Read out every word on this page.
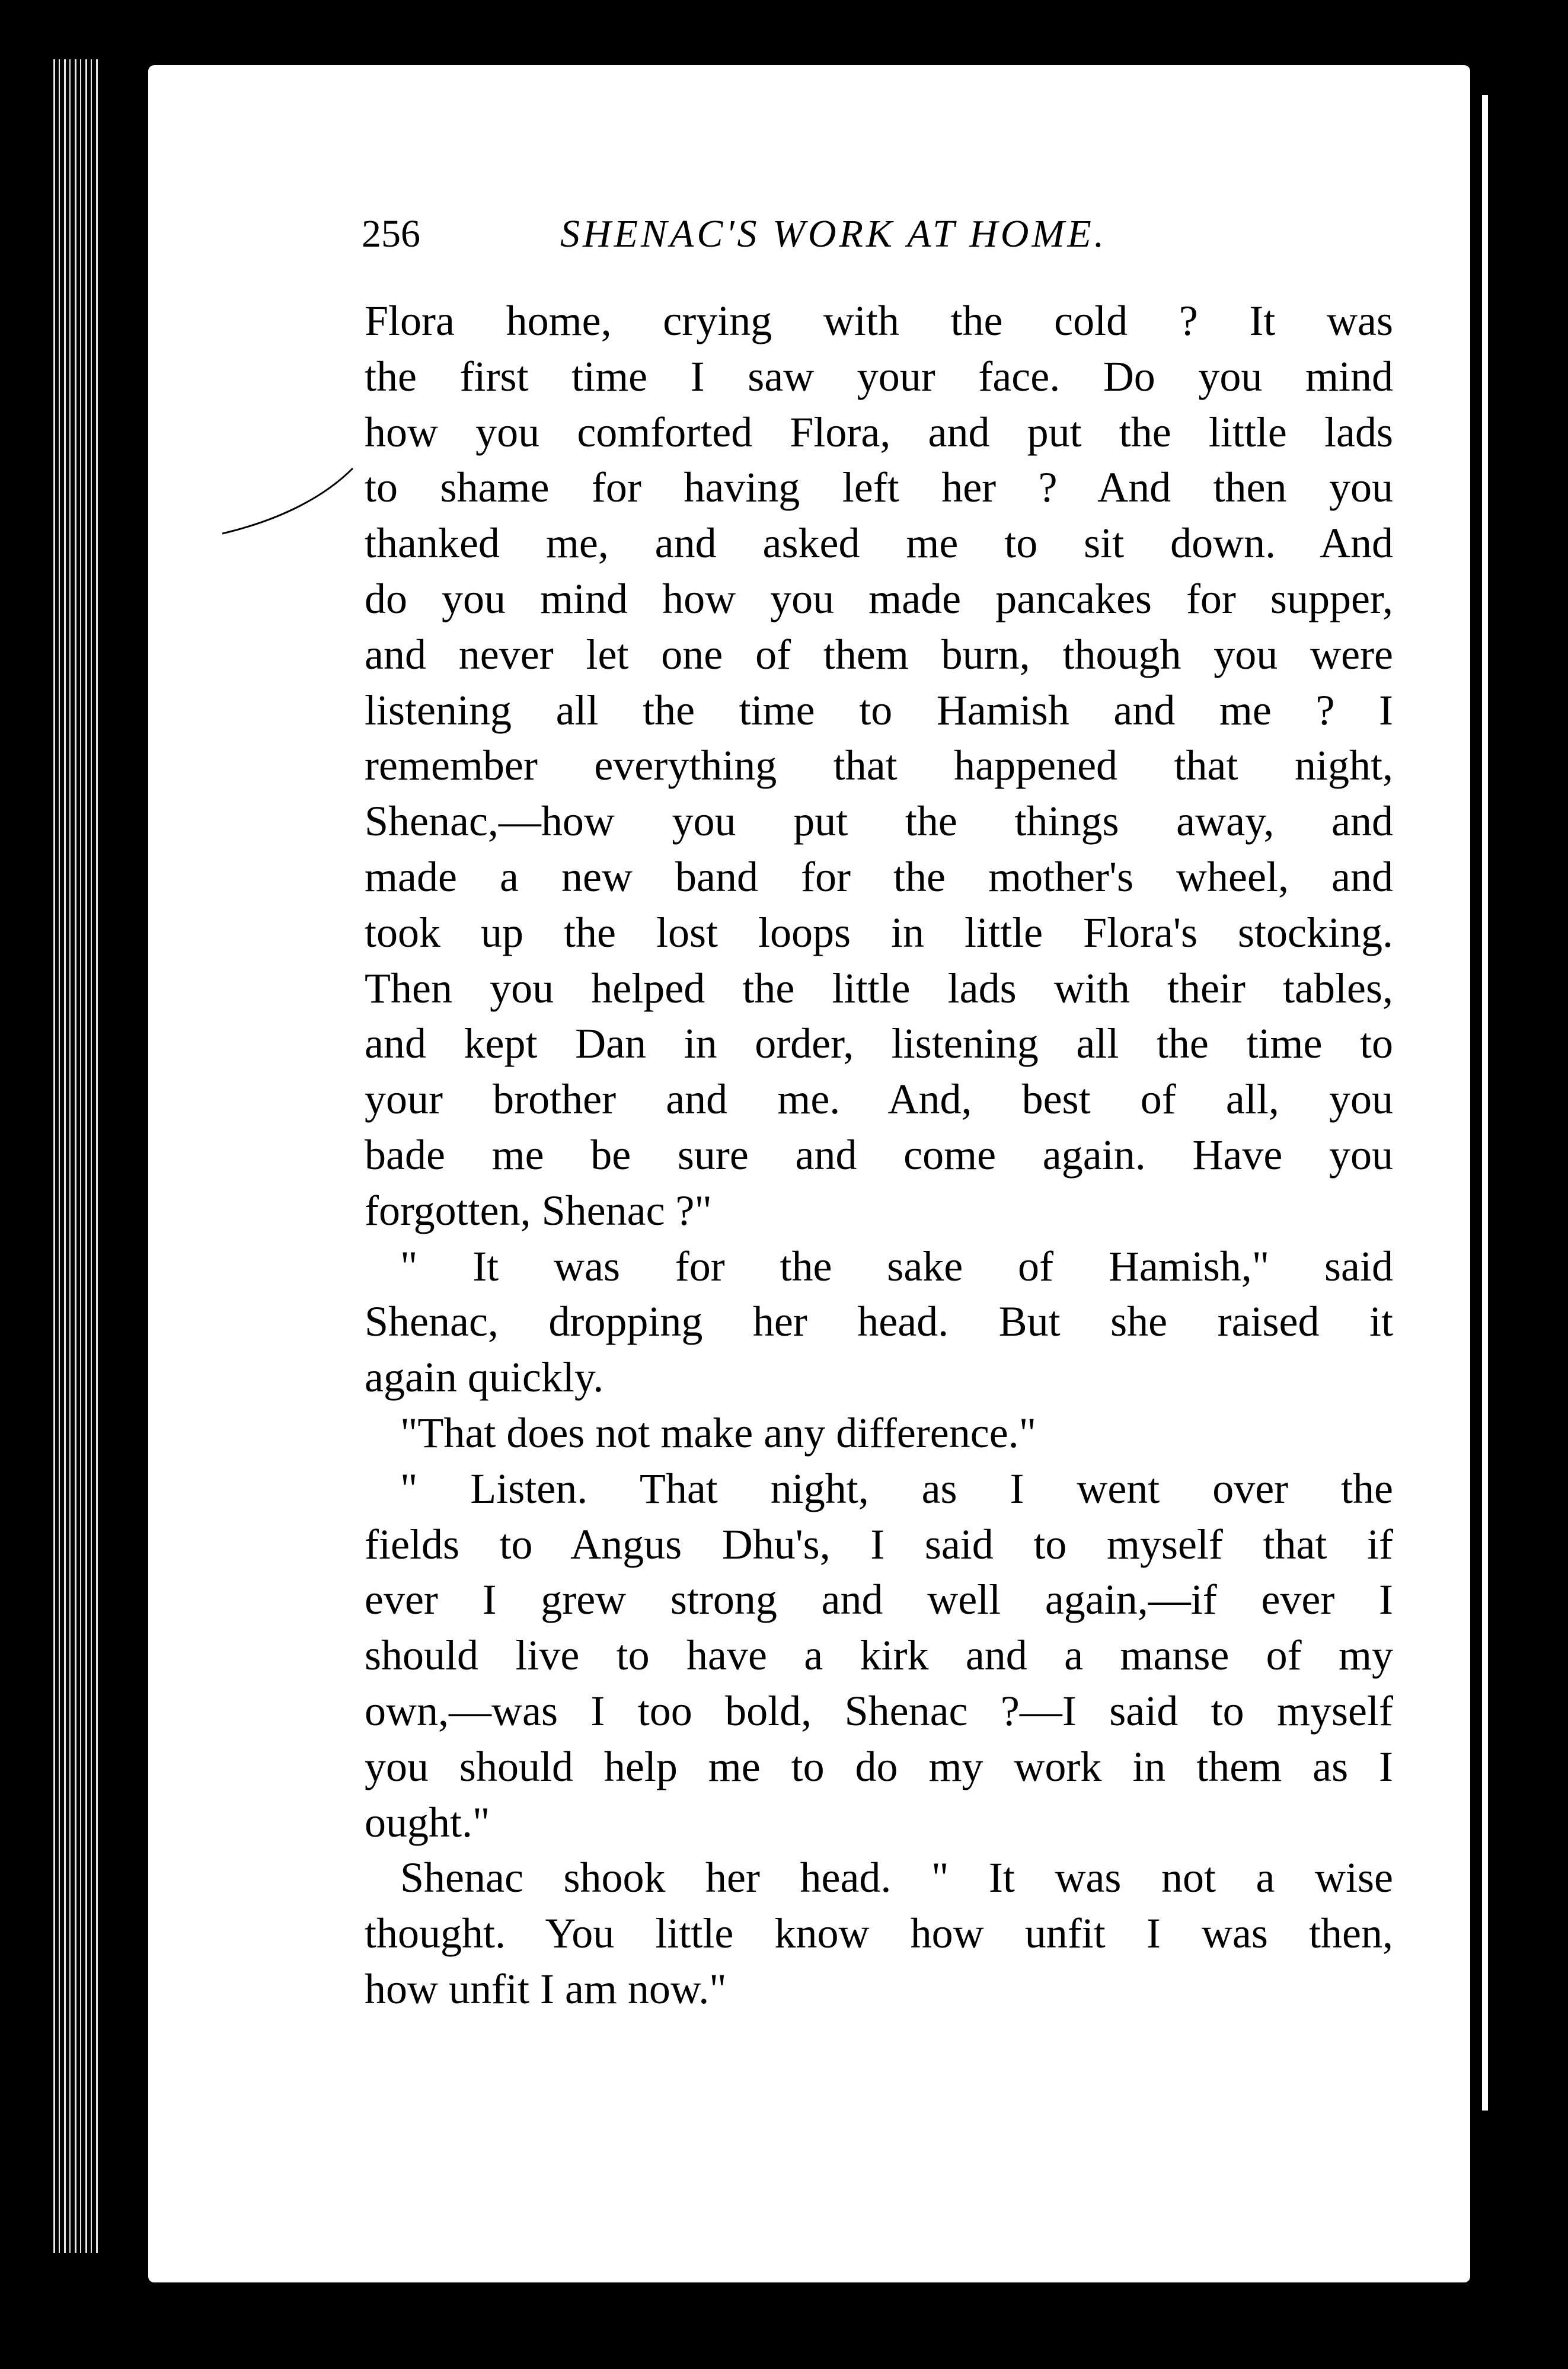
256	SHENAC'S WORK AT HOME.
Flora home, crying with the cold ? It was
the first time I saw your face. Do you mind
how you comforted Flora, and put the little lads
to shame for having left her ? And then you
thanked me, and asked me to sit down. And
do you mind how you made pancakes for supper,
and never let one of them burn, though you were
listening all the time to Hamish and me ? I
remember everything that happened that night,
Shenac,—how you put the things away, and
made a new band for the mother's wheel, and
took up the lost loops in little Flora's stocking.
Then you helped the little lads with their tables,
and kept Dan in order, listening all the time to
your brother and me. And, best of all, you
bade me be sure and come again. Have you
forgotten, Shenac ?"
" It was for the sake of Hamish," said
Shenac, dropping her head. But she raised it
again quickly.
"That does not make any difference."
" Listen. That night, as I went over the
fields to Angus Dhu's, I said to myself that if
ever I grew strong and well again,—if ever I
should live to have a kirk and a manse of my
own,—was I too bold, Shenac ?—I said to myself
you should help me to do my work in them as I
ought."
Shenac shook her head. " It was not a wise
thought. You little know how unfit I was then,
how unfit I am now."
